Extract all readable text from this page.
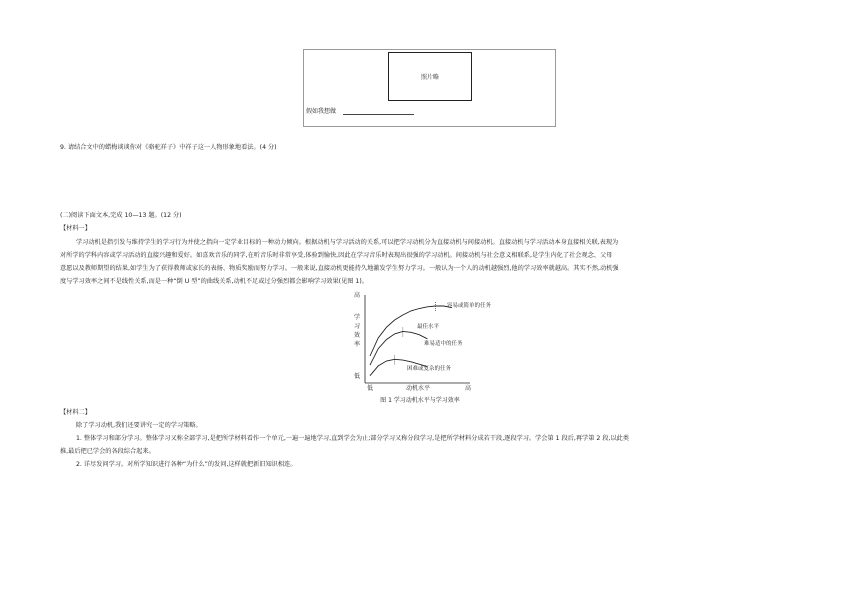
照片略
假如我想做
9. 请结合文中的蜡梅谈谈你对《骆驼祥子》中祥子这一人物形象地看法。(4 分)
(二)阅读下面文本,完成 10—13 题。(12 分)
【材料一】
学习动机是指引发与维持学生的学习行为并使之指向一定学业目标的一种动力倾向。根据动机与学习活动的关系,可以把学习动机分为直接动机与间接动机。直接动机与学习活动本身直接相关联,表现为
对所学的学科内容或学习活动的直接兴趣和爱好。如喜欢音乐的同学,在听音乐时非常享受,体验到愉快,因此在学习音乐时表现出很强的学习动机。间接动机与社会意义相联系,是学生内化了社会观念、父母
意愿以及教师期望的结果,如学生为了获得教师或家长的表扬、物质奖励而努力学习。一般来说,直接动机更能持久地激发学生努力学习。一般认为一个人的动机越强烈,他的学习效率就越高。其实不然,动机强
度与学习效率之间不是线性关系,而是一种“倒 U 型”的曲线关系,动机不足或过分强烈都会影响学习效果(见图 1)。
高
低
低	高
动机水平
图 1 学习动机水平与学习效率
容易或简单的任务
最佳水平
难易适中的任务
困难或复杂的任务
学
习
效
率
【材料二】
除了学习动机,我们还要讲究一定的学习策略。
1. 整体学习和部分学习。整体学习又称全部学习,是把所学材料看作一个单元,一遍一遍地学习,直到学会为止;部分学习又称分段学习,是把所学材料分成若干段,逐段学习。学会第 1 段后,再学第 2 段,以此类
推,最后把已学会的各段综合起来。
2. 详尽发问学习。对所学知识进行各种“为什么”的发问,这样就把新旧知识相连。
